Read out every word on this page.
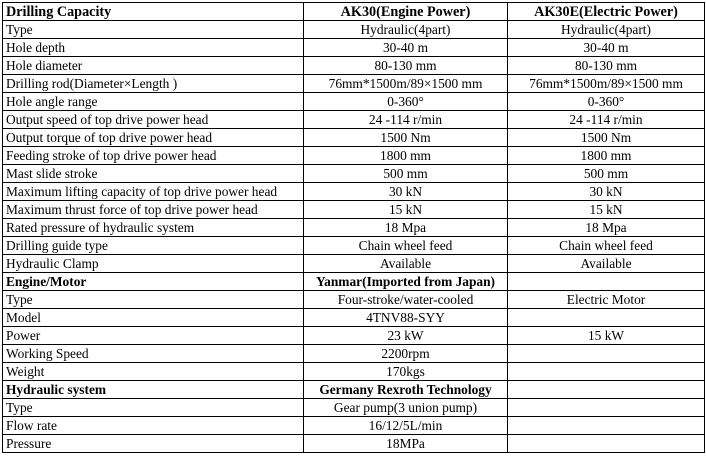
Drilling Capacity	AK30(Engine Power)	AK30E(Electric Power)
Type	Hydraulic(4part)	Hydraulic(4part)
Hole depth	30-40 m	30-40 m
Hole diameter	80-130 mm	80-130 mm
Drilling rod(Diameter×Length )	76mm*1500m/89×1500 mm	76mm*1500m/89×1500 mm
Hole angle range	0-360°	0-360°
Output speed of top drive power head	24 -114 r/min	24 -114 r/min
Output torque of top drive power head	1500 Nm	1500 Nm
Feeding stroke of top drive power head	1800 mm	1800 mm
Mast slide stroke	500 mm	500 mm
Maximum lifting capacity of top drive power head	30 kN	30 kN
Maximum thrust force of top drive power head	15 kN	15 kN
Rated pressure of hydraulic system	18 Mpa	18 Mpa
Drilling guide type	Chain wheel feed	Chain wheel feed
Hydraulic Clamp	Available	Available
Engine/Motor	Yanmar(Imported from Japan)	
Type	Four-stroke/water-cooled	Electric Motor
Model	4TNV88-SYY	
Power	23 kW	15 kW
Working Speed	2200rpm	
Weight	170kgs	
Hydraulic system	Germany Rexroth Technology	
Type	Gear pump(3 union pump)	
Flow rate	16/12/5L/min	
Pressure	18MPa	
